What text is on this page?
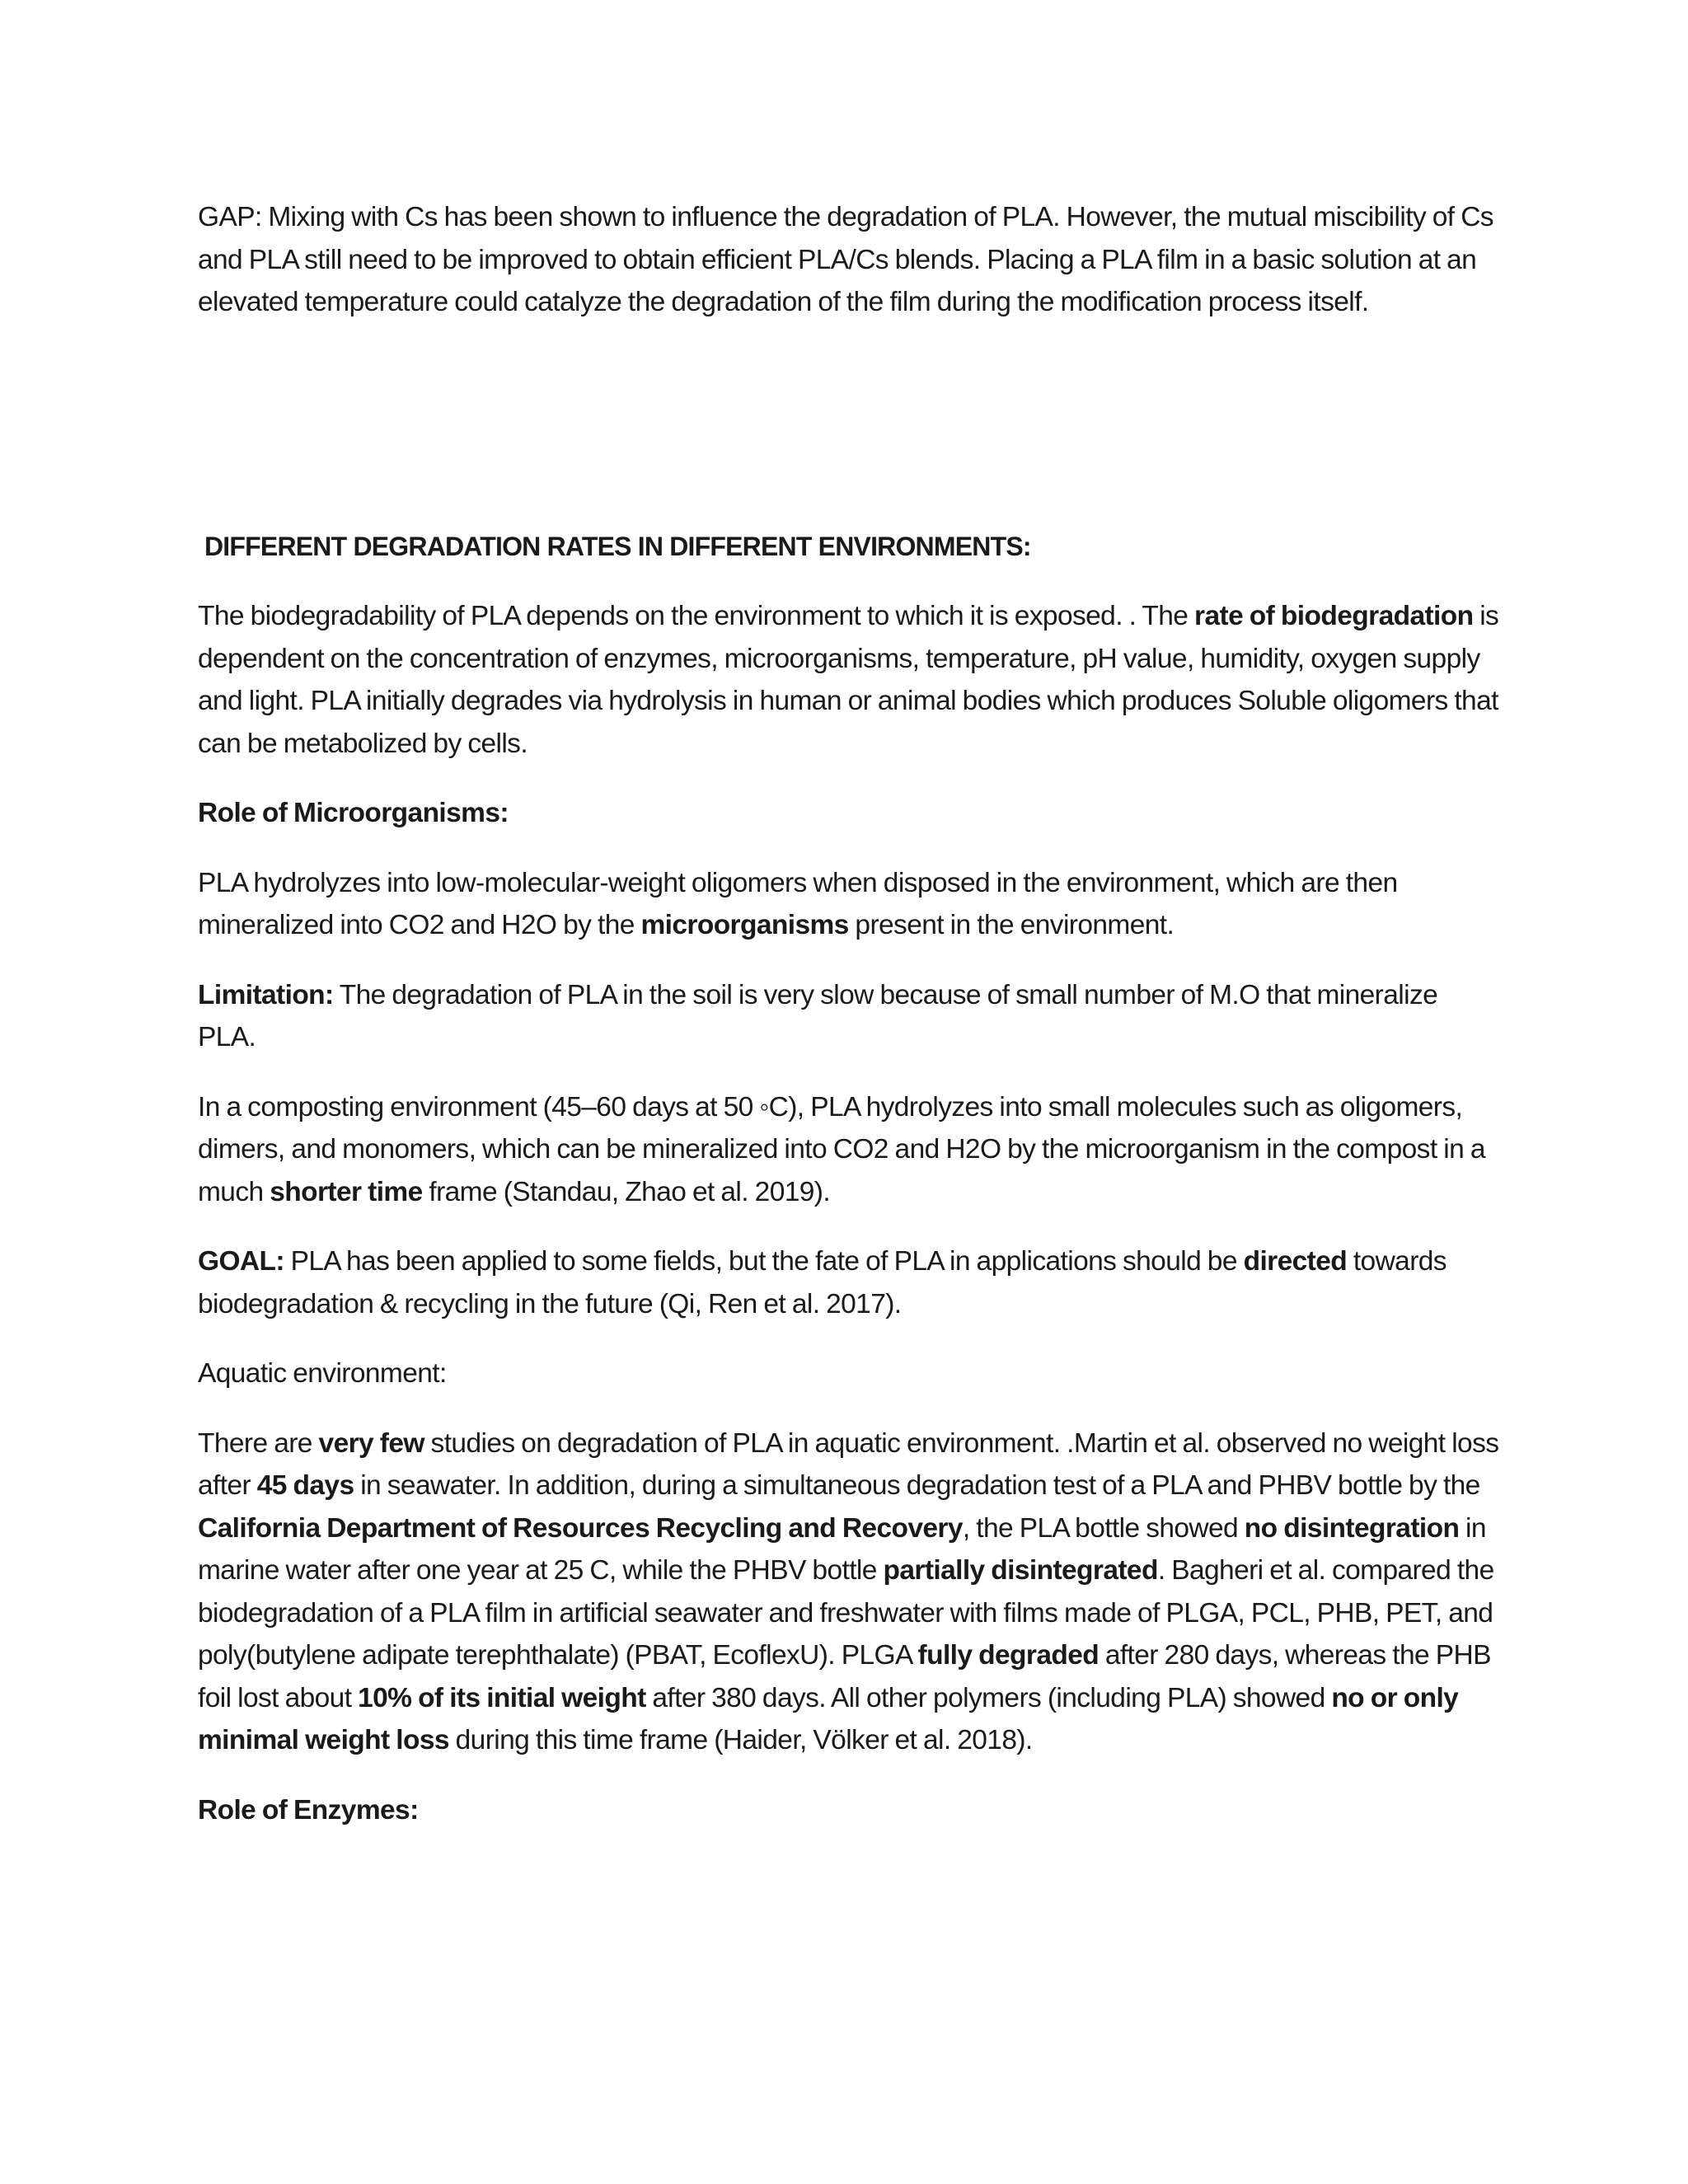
GAP: Mixing with Cs has been shown to influence the degradation of PLA. However, the mutual miscibility of Cs and PLA still need to be improved to obtain efficient PLA/Cs blends. Placing a PLA film in a basic solution at an elevated temperature could catalyze the degradation of the film during the modification process itself.

DIFFERENT DEGRADATION RATES IN DIFFERENT ENVIRONMENTS:

The biodegradability of PLA depends on the environment to which it is exposed. . The rate of biodegradation is dependent on the concentration of enzymes, microorganisms, temperature, pH value, humidity, oxygen supply and light. PLA initially degrades via hydrolysis in human or animal bodies which produces Soluble oligomers that can be metabolized by cells.

Role of Microorganisms:

PLA hydrolyzes into low-molecular-weight oligomers when disposed in the environment, which are then mineralized into CO2 and H2O by the microorganisms present in the environment.

Limitation: The degradation of PLA in the soil is very slow because of small number of M.O that mineralize PLA.

In a composting environment (45–60 days at 50 ◦C), PLA hydrolyzes into small molecules such as oligomers, dimers, and monomers, which can be mineralized into CO2 and H2O by the microorganism in the compost in a much shorter time frame (Standau, Zhao et al. 2019).

GOAL: PLA has been applied to some fields, but the fate of PLA in applications should be directed towards biodegradation & recycling in the future (Qi, Ren et al. 2017).

Aquatic environment:

There are very few studies on degradation of PLA in aquatic environment. .Martin et al. observed no weight loss after 45 days in seawater. In addition, during a simultaneous degradation test of a PLA and PHBV bottle by the California Department of Resources Recycling and Recovery, the PLA bottle showed no disintegration in marine water after one year at 25 C, while the PHBV bottle partially disintegrated. Bagheri et al. compared the biodegradation of a PLA film in artificial seawater and freshwater with films made of PLGA, PCL, PHB, PET, and poly(butylene adipate terephthalate) (PBAT, EcoflexU). PLGA fully degraded after 280 days, whereas the PHB foil lost about 10% of its initial weight after 380 days. All other polymers (including PLA) showed no or only minimal weight loss during this time frame (Haider, Völker et al. 2018).

Role of Enzymes:
